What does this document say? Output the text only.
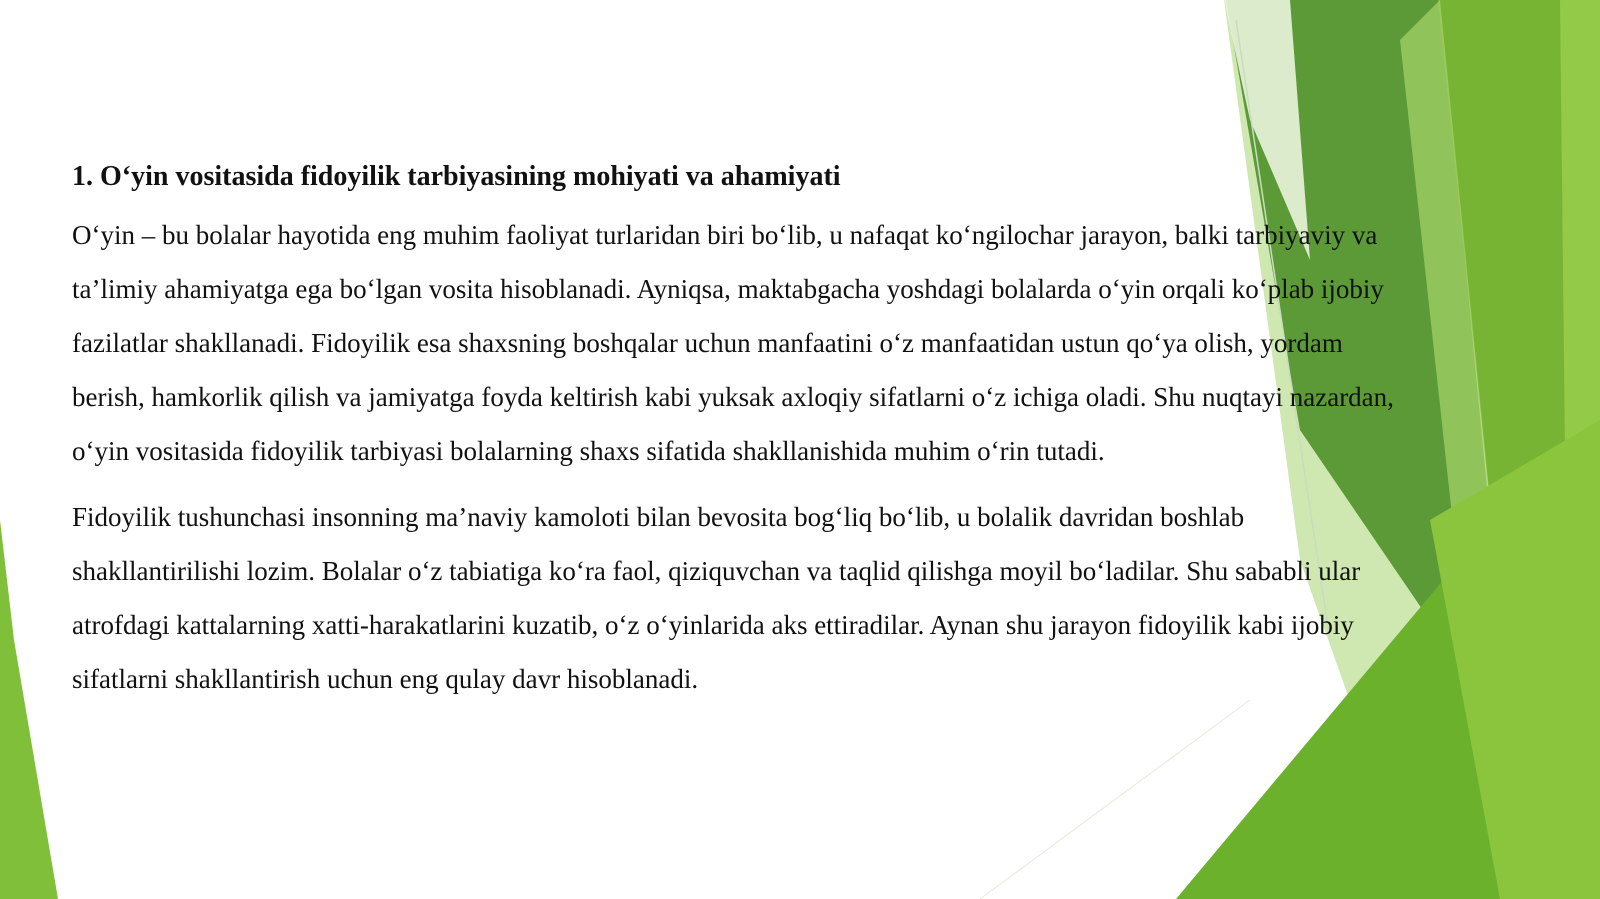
1. O‘yin vositasida fidoyilik tarbiyasining mohiyati va ahamiyati

O‘yin – bu bolalar hayotida eng muhim faoliyat turlaridan biri bo‘lib, u nafaqat ko‘ngilochar jarayon, balki tarbiyaviy va ta’limiy ahamiyatga ega bo‘lgan vosita hisoblanadi. Ayniqsa, maktabgacha yoshdagi bolalarda o‘yin orqali ko‘plab ijobiy fazilatlar shakllanadi. Fidoyilik esa shaxsning boshqalar uchun manfaatini o‘z manfaatidan ustun qo‘ya olish, yordam berish, hamkorlik qilish va jamiyatga foyda keltirish kabi yuksak axloqiy sifatlarni o‘z ichiga oladi. Shu nuqtayi nazardan, o‘yin vositasida fidoyilik tarbiyasi bolalarning shaxs sifatida shakllanishida muhim o‘rin tutadi.

Fidoyilik tushunchasi insonning ma’naviy kamoloti bilan bevosita bog‘liq bo‘lib, u bolalik davridan boshlab shakllantirilishi lozim. Bolalar o‘z tabiatiga ko‘ra faol, qiziquvchan va taqlid qilishga moyil bo‘ladilar. Shu sababli ular atrofdagi kattalarning xatti-harakatlarini kuzatib, o‘z o‘yinlarida aks ettiradilar. Aynan shu jarayon fidoyilik kabi ijobiy sifatlarni shakllantirish uchun eng qulay davr hisoblanadi.
